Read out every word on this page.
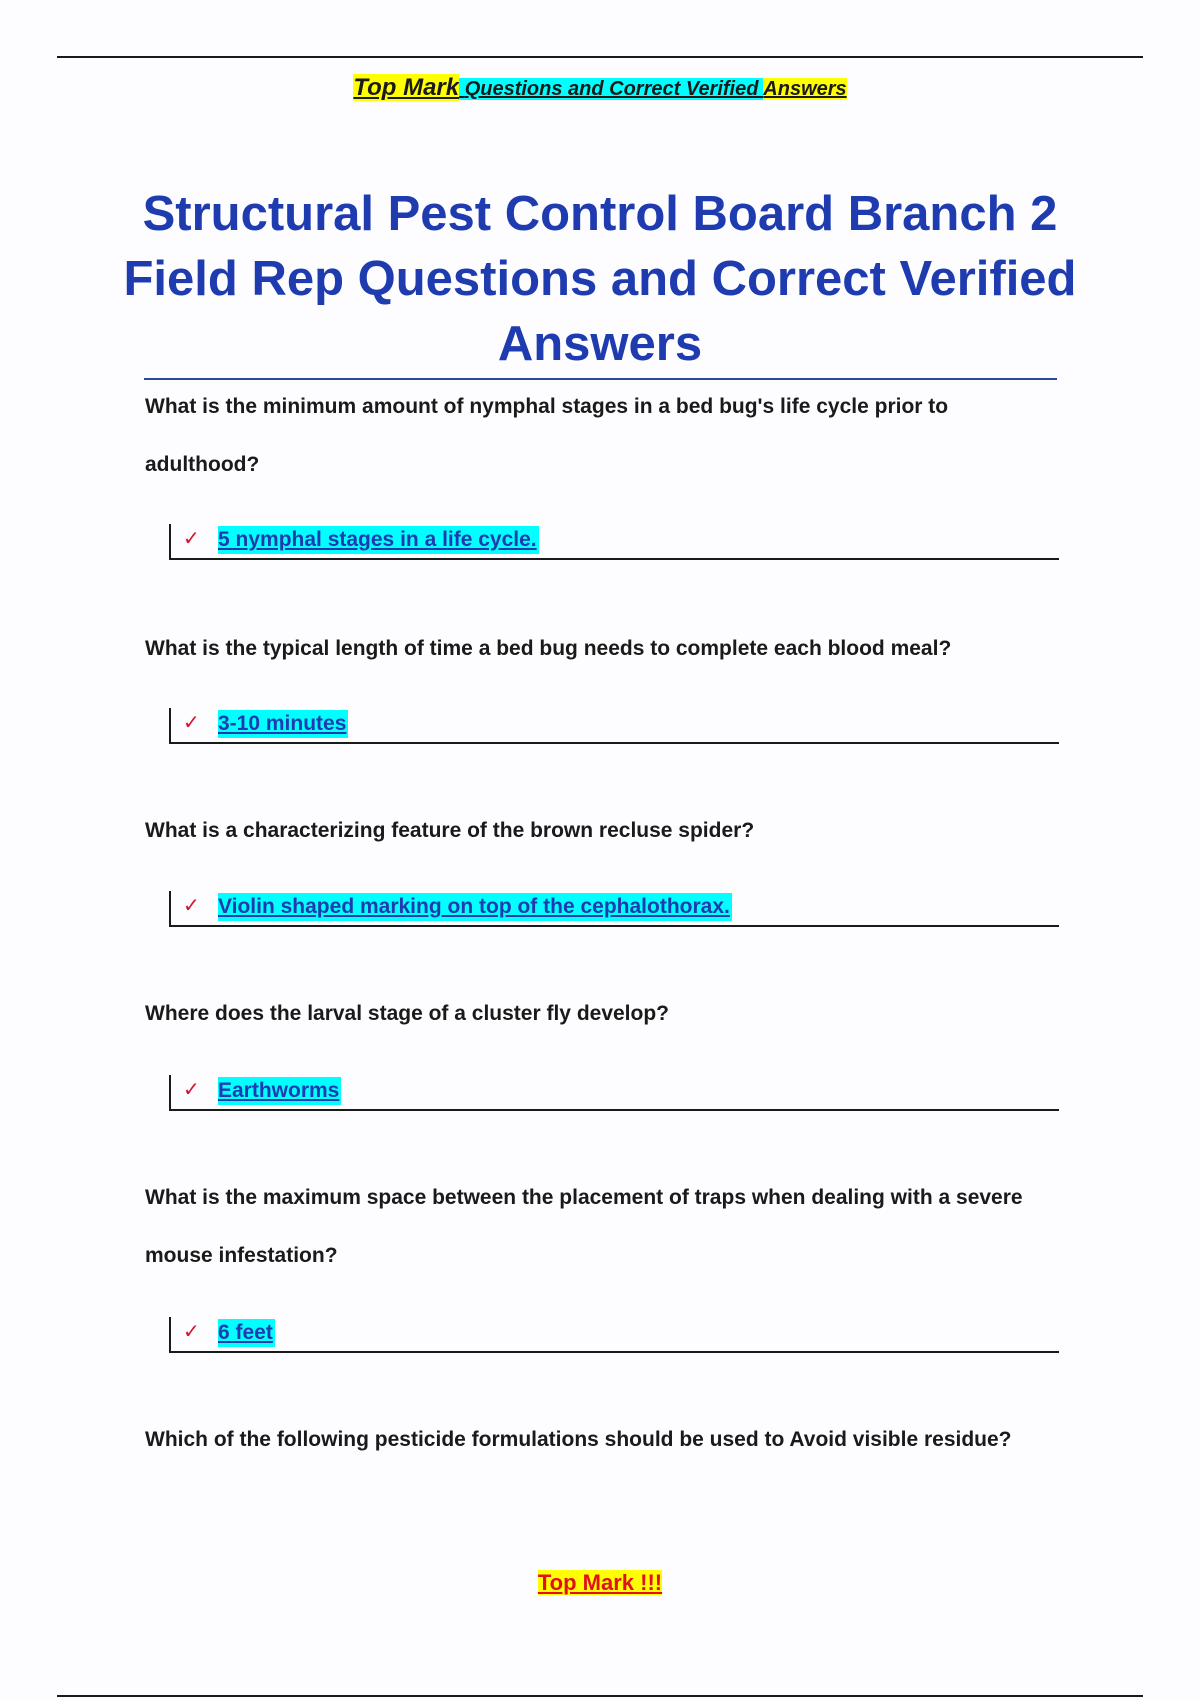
Top Mark Questions and Correct Verified Answers
Structural Pest Control Board Branch 2 Field Rep Questions and Correct Verified Answers
What is the minimum amount of nymphal stages in a bed bug's life cycle prior to adulthood?
✓ 5 nymphal stages in a life cycle.
What is the typical length of time a bed bug needs to complete each blood meal?
✓ 3-10 minutes
What is a characterizing feature of the brown recluse spider?
✓ Violin shaped marking on top of the cephalothorax.
Where does the larval stage of a cluster fly develop?
✓ Earthworms
What is the maximum space between the placement of traps when dealing with a severe mouse infestation?
✓ 6 feet
Which of the following pesticide formulations should be used to Avoid visible residue?
Top Mark !!!
